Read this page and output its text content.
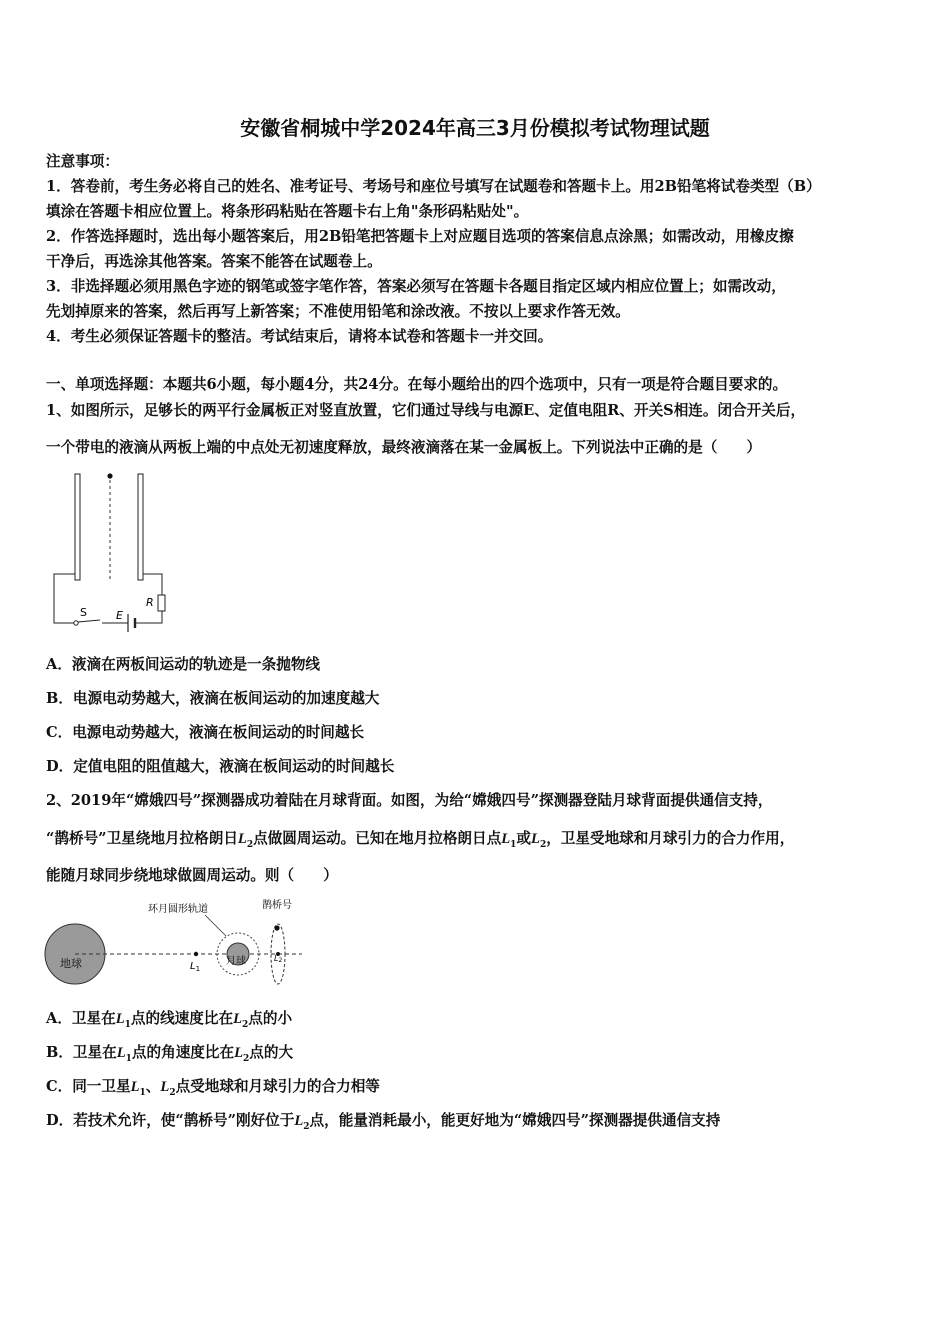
安徽省桐城中学2024年高三3月份模拟考试物理试题
注意事项：
1．答卷前，考生务必将自己的姓名、准考证号、考场号和座位号填写在试题卷和答题卡上。用2B铅笔将试卷类型（B）
填涂在答题卡相应位置上。将条形码粘贴在答题卡右上角"条形码粘贴处"。
2．作答选择题时，选出每小题答案后，用2B铅笔把答题卡上对应题目选项的答案信息点涂黑；如需改动，用橡皮擦
干净后，再选涂其他答案。答案不能答在试题卷上。
3．非选择题必须用黑色字迹的钢笔或签字笔作答，答案必须写在答题卡各题目指定区域内相应位置上；如需改动，
先划掉原来的答案，然后再写上新答案；不准使用铅笔和涂改液。不按以上要求作答无效。
4．考生必须保证答题卡的整洁。考试结束后，请将本试卷和答题卡一并交回。
一、单项选择题：本题共6小题，每小题4分，共24分。在每小题给出的四个选项中，只有一项是符合题目要求的。
1、如图所示，足够长的两平行金属板正对竖直放置，它们通过导线与电源E、定值电阻R、开关S相连。闭合开关后，
一个带电的液滴从两板上端的中点处无初速度释放，最终液滴落在某一金属板上。下列说法中正确的是（　　）
S	E
R
A．液滴在两板间运动的轨迹是一条抛物线
B．电源电动势越大，液滴在板间运动的加速度越大
C．电源电动势越大，液滴在板间运动的时间越长
D．定值电阻的阻值越大，液滴在板间运动的时间越长
2、2019年“嫦娥四号”探测器成功着陆在月球背面。如图，为给“嫦娥四号”探测器登陆月球背面提供通信支持，
“鹊桥号”卫星绕地月拉格朗日$L_2$点做圆周运动。已知在地月拉格朗日点$L_1$或$L_2$，卫星受地球和月球引力的合力作用，
能随月球同步绕地球做圆周运动。则（　　）
地球	$L_1$
月球
环月圆形轨道
L2
鹊桥号
A．卫星在$L_1$点的线速度比在$L_2$点的小
B．卫星在$L_1$点的角速度比在$L_2$点的大
C．同一卫星$L_1$、$L_2$点受地球和月球引力的合力相等
D．若技术允许，使“鹊桥号”刚好位于$L_2$点，能量消耗最小，能更好地为“嫦娥四号”探测器提供通信支持
